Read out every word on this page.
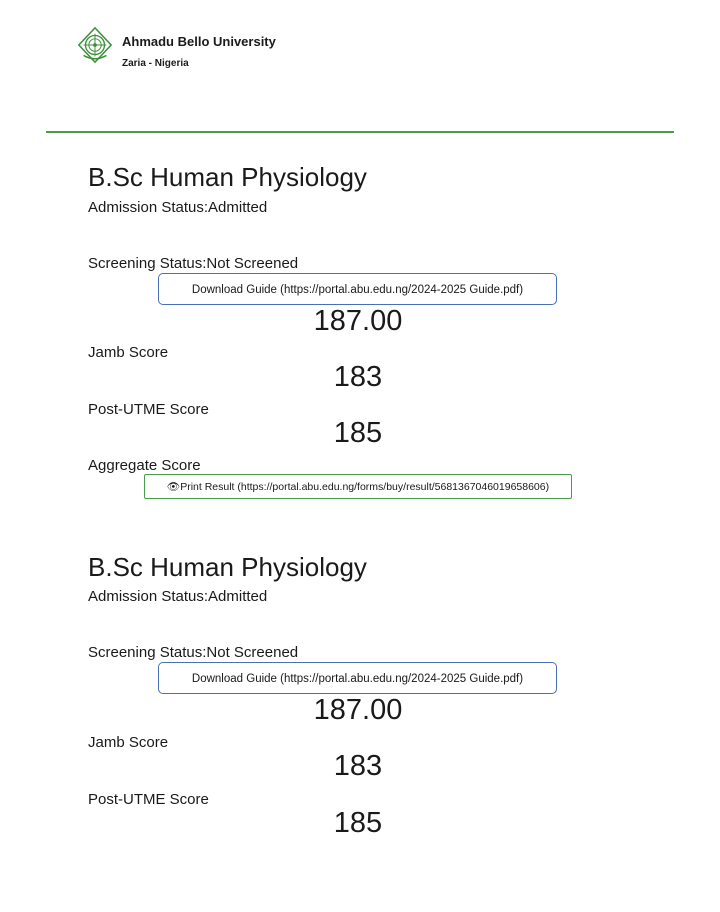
Ahmadu Bello University
Zaria - Nigeria
B.Sc Human Physiology
Admission Status:Admitted
Screening Status:Not Screened
Download Guide (https://portal.abu.edu.ng/2024-2025 Guide.pdf)
187.00
Jamb Score
183
Post-UTME Score
185
Aggregate Score
👁Print Result (https://portal.abu.edu.ng/forms/buy/result/5681367046019658606)
B.Sc Human Physiology
Admission Status:Admitted
Screening Status:Not Screened
Download Guide (https://portal.abu.edu.ng/2024-2025 Guide.pdf)
187.00
Jamb Score
183
Post-UTME Score
185
